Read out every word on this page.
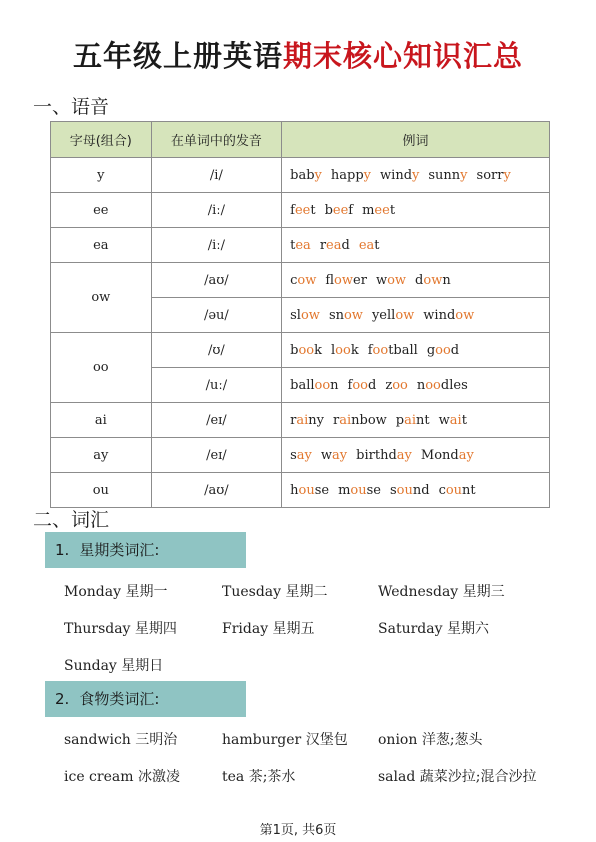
五年级上册英语期末核心知识汇总
一、语音
字母(组合)	在单词中的发音	例词
y	/i/	baby happy windy sunny sorry
ee	/iː/	feet beef meet
ea	/iː/	tea read eat
ow	/aʊ/	cow flower wow down
	/əu/	slow snow yellow window
oo	/ʊ/	book look football good
	/uː/	balloon food zoo noodles
ai	/eɪ/	rainy rainbow paint wait
ay	/eɪ/	say way birthday Monday
ou	/aʊ/	house mouse sound count
二、词汇
1. 星期类词汇:
Monday 星期一	Tuesday 星期二	Wednesday 星期三
Thursday 星期四	Friday 星期五	Saturday 星期六
Sunday 星期日
2. 食物类词汇:
sandwich 三明治	hamburger 汉堡包 onion 洋葱;葱头
ice cream 冰激凌	tea 茶;茶水	salad 蔬菜沙拉;混合沙拉
第1页, 共6页
